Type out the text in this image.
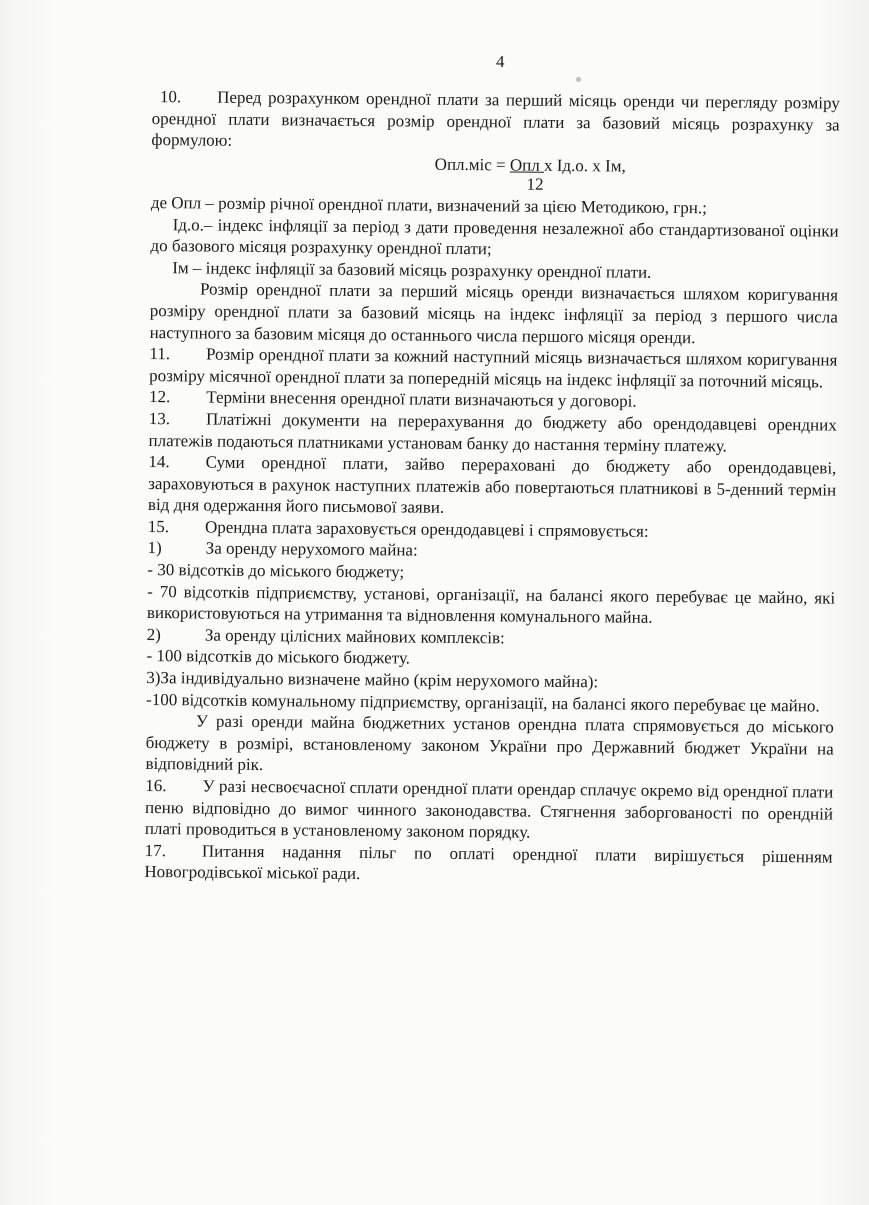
4

10. Перед розрахунком орендної плати за перший місяць оренди чи перегляду розміру орендної плати визначається розмір орендної плати за базовий місяць розрахунку за формулою:

Опл.міс = Опл х Ід.о. х Ім,

12

де Опл – розмір річної орендної плати, визначений за цією Методикою, грн.;

Ід.о.– індекс інфляції за період з дати проведення незалежної або стандартизованої оцінки до базового місяця розрахунку орендної плати;

Ім – індекс інфляції за базовий місяць розрахунку орендної плати.

Розмір орендної плати за перший місяць оренди визначається шляхом коригування розміру орендної плати за базовий місяць на індекс інфляції за період з першого числа наступного за базовим місяця до останнього числа першого місяця оренди.

11. Розмір орендної плати за кожний наступний місяць визначається шляхом коригування розміру місячної орендної плати за попередній місяць на індекс інфляції за поточний місяць.

12. Терміни внесення орендної плати визначаються у договорі.

13. Платіжні документи на перерахування до бюджету або орендодавцеві орендних платежів подаються платниками установам банку до настання терміну платежу.

14. Суми орендної плати, зайво перераховані до бюджету або орендодавцеві, зараховуються в рахунок наступних платежів або повертаються платникові в 5-денний термін від дня одержання його письмової заяви.

15. Орендна плата зараховується орендодавцеві і спрямовується:

1)	За оренду нерухомого майна:

- 30 відсотків до міського бюджету;

- 70 відсотків підприємству, установі, організації, на балансі якого перебуває це майно, які використовуються на утримання та відновлення комунального майна.

2)	За оренду цілісних майнових комплексів:

- 100 відсотків до міського бюджету.

3)За індивідуально визначене майно (крім нерухомого майна):

-100 відсотків комунальному підприємству, організації, на балансі якого перебуває це майно.

У разі оренди майна бюджетних установ орендна плата спрямовується до міського бюджету в розмірі, встановленому законом України про Державний бюджет України на відповідний рік.

16. У разі несвоєчасної сплати орендної плати орендар сплачує окремо від орендної плати пеню відповідно до вимог чинного законодавства. Стягнення заборгованості по орендній платі проводиться в установленому законом порядку.

17. Питання надання пільг по оплаті орендної плати вирішується рішенням Новогродівської міської ради.
